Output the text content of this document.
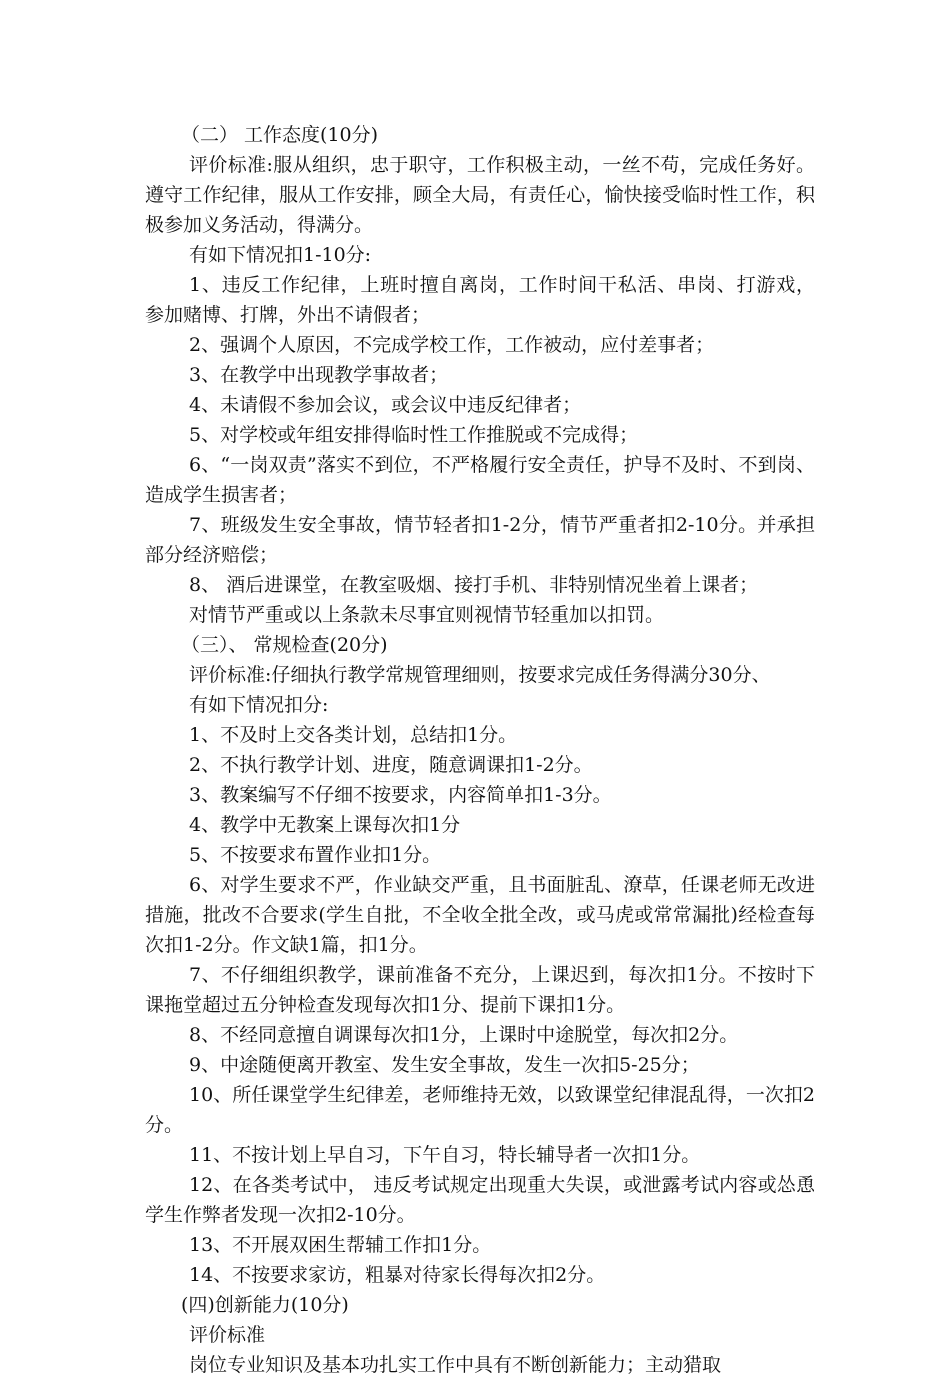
（二） 工作态度(10分)

评价标准:服从组织，忠于职守，工作积极主动，一丝不苟，完成任务好。遵守工作纪律，服从工作安排，顾全大局，有责任心，愉快接受临时性工作，积极参加义务活动，得满分。

有如下情况扣1-10分:

1、违反工作纪律，上班时擅自离岗，工作时间干私活、串岗、打游戏， 参加赌博、打牌，外出不请假者；

2、强调个人原因，不完成学校工作，工作被动，应付差事者；

3、在教学中出现教学事故者；

4、未请假不参加会议，或会议中违反纪律者；

5、对学校或年组安排得临时性工作推脱或不完成得；

6、“一岗双责”落实不到位，不严格履行安全责任，护导不及时、不到岗、造成学生损害者；

7、班级发生安全事故，情节轻者扣1-2分，情节严重者扣2-10分。并承担部分经济赔偿；

8、 酒后进课堂，在教室吸烟、接打手机、非特别情况坐着上课者；

对情节严重或以上条款未尽事宜则视情节轻重加以扣罚。

（三）、 常规检查(20分)

评价标准:仔细执行教学常规管理细则，按要求完成任务得满分30分、

有如下情况扣分:

1、不及时上交各类计划，总结扣1分。

2、不执行教学计划、进度，随意调课扣1-2分。

3、教案编写不仔细不按要求，内容简单扣1-3分。

4、教学中无教案上课每次扣1分

5、不按要求布置作业扣1分。

6、对学生要求不严，作业缺交严重，且书面脏乱、潦草，任课老师无改进措施，批改不合要求(学生自批，不全收全批全改，或马虎或常常漏批)经检查每次扣1-2分。作文缺1篇，扣1分。

7、不仔细组织教学，课前准备不充分，上课迟到，每次扣1分。不按时下课拖堂超过五分钟检查发现每次扣1分、提前下课扣1分。

8、不经同意擅自调课每次扣1分，上课时中途脱堂，每次扣2分。

9、中途随便离开教室、发生安全事故，发生一次扣5-25分；

10、所任课堂学生纪律差，老师维持无效，以致课堂纪律混乱得，一次扣2分。

11、不按计划上早自习，下午自习，特长辅导者一次扣1分。

12、在各类考试中， 违反考试规定出现重大失误，或泄露考试内容或怂恿学生作弊者发现一次扣2-10分。

13、不开展双困生帮辅工作扣1分。

14、不按要求家访，粗暴对待家长得每次扣2分。

(四)创新能力(10分)

评价标准

岗位专业知识及基本功扎实工作中具有不断创新能力；主动猎取
